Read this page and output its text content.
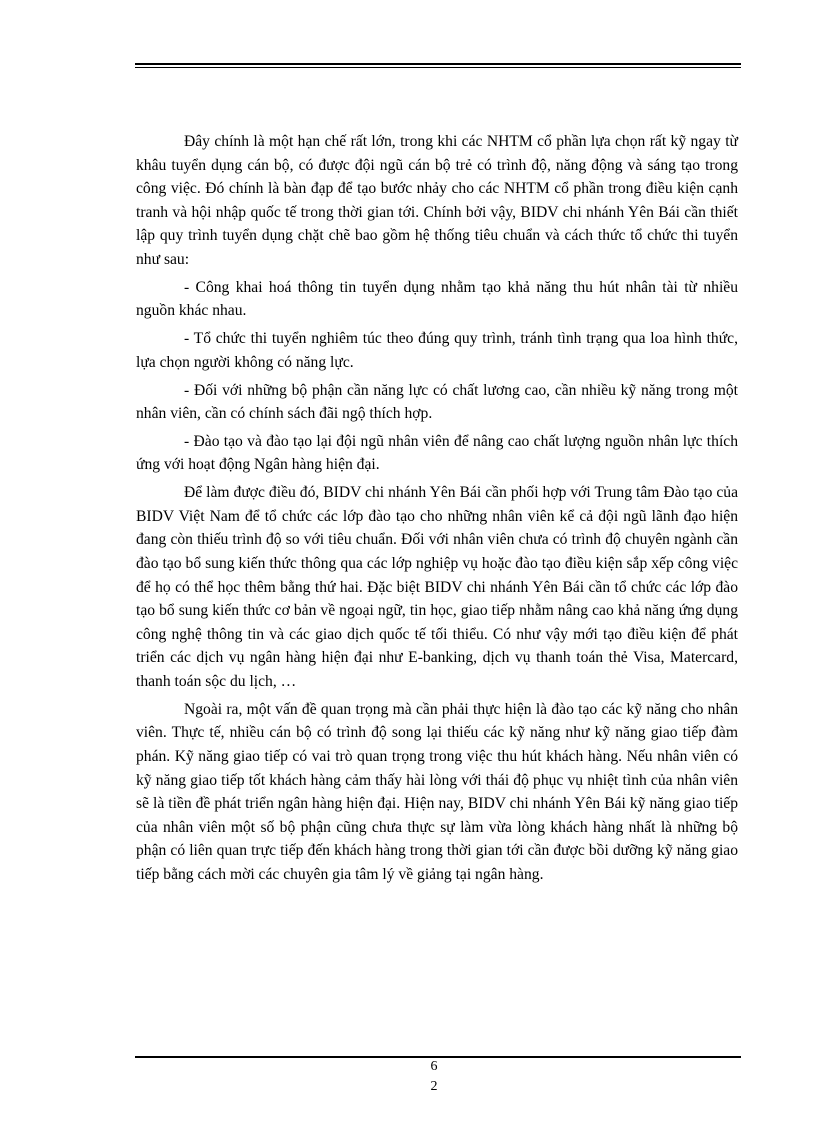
Đây chính là một hạn chế rất lớn, trong khi các NHTM cổ phần lựa chọn rất kỹ ngay từ khâu tuyển dụng cán bộ, có được đội ngũ cán bộ trẻ có trình độ, năng động và sáng tạo trong công việc. Đó chính là bàn đạp để tạo bước nhảy cho các NHTM cổ phần trong điều kiện cạnh tranh và hội nhập quốc tế trong thời gian tới. Chính bởi vậy, BIDV chi nhánh Yên Bái cần thiết lập quy trình tuyển dụng chặt chẽ bao gồm hệ thống tiêu chuẩn và cách thức tổ chức thi tuyển như sau:

- Công khai hoá thông tin tuyển dụng nhằm tạo khả năng thu hút nhân tài từ nhiều nguồn khác nhau.

- Tổ chức thi tuyển nghiêm túc theo đúng quy trình, tránh tình trạng qua loa hình thức, lựa chọn người không có năng lực.

- Đối với những bộ phận cần năng lực có chất lương cao, cần nhiều kỹ năng trong một nhân viên, cần có chính sách đãi ngộ thích hợp.

- Đào tạo và đào tạo lại đội ngũ nhân viên để nâng cao chất lượng nguồn nhân lực thích ứng với hoạt động Ngân hàng hiện đại.

Để làm được điều đó, BIDV chi nhánh Yên Bái cần phối hợp với Trung tâm Đào tạo của BIDV Việt Nam để tổ chức các lớp đào tạo cho những nhân viên kể cả đội ngũ lãnh đạo hiện đang còn thiếu trình độ so với tiêu chuẩn. Đối với nhân viên chưa có trình độ chuyên ngành cần đào tạo bổ sung kiến thức thông qua các lớp nghiệp vụ hoặc đào tạo điều kiện sắp xếp công việc để họ có thể học thêm bằng thứ hai. Đặc biệt BIDV chi nhánh Yên Bái cần tổ chức các lớp đào tạo bổ sung kiến thức cơ bản về ngoại ngữ, tin học, giao tiếp nhằm nâng cao khả năng ứng dụng công nghệ thông tin và các giao dịch quốc tế tối thiểu. Có như vậy mới tạo điều kiện để phát triển các dịch vụ ngân hàng hiện đại như E-banking, dịch vụ thanh toán thẻ Visa, Matercard, thanh toán sộc du lịch, …

Ngoài ra, một vấn đề quan trọng mà cần phải thực hiện là đào tạo các kỹ năng cho nhân viên. Thực tế, nhiều cán bộ có trình độ song lại thiếu các kỹ năng như kỹ năng giao tiếp đàm phán. Kỹ năng giao tiếp có vai trò quan trọng trong việc thu hút khách hàng. Nếu nhân viên có kỹ năng giao tiếp tốt khách hàng cảm thấy hài lòng với thái độ phục vụ nhiệt tình của nhân viên sẽ là tiền đề phát triển ngân hàng hiện đại. Hiện nay, BIDV chi nhánh Yên Bái kỹ năng giao tiếp của nhân viên một số bộ phận cũng chưa thực sự làm vừa lòng khách hàng nhất là những bộ phận có liên quan trực tiếp đến khách hàng trong thời gian tới cần được bồi dưỡng kỹ năng giao tiếp bằng cách mời các chuyên gia tâm lý về giảng tại ngân hàng.

6
2
